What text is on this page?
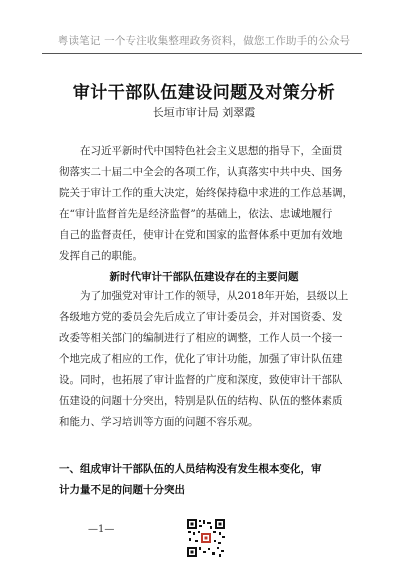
粤读笔记 一个专注收集整理政务资料，做您工作助手的公众号
审计干部队伍建设问题及对策分析
长垣市审计局 刘翠霞
在习近平新时代中国特色社会主义思想的指导下，全面贯
彻落实二十届二中全会的各项工作，认真落实中共中央、国务
院关于审计工作的重大决定，始终保持稳中求进的工作总基调，
在“审计监督首先是经济监督”的基础上，依法、忠诚地履行
自己的监督责任，使审计在党和国家的监督体系中更加有效地
发挥自己的职能。
新时代审计干部队伍建设存在的主要问题
为了加强党对审计工作的领导，从2018年开始，县级以上
各级地方党的委员会先后成立了审计委员会，并对国资委、发
改委等相关部门的编制进行了相应的调整，工作人员一个接一
个地完成了相应的工作，优化了审计功能，加强了审计队伍建
设。同时，也拓展了审计监督的广度和深度，致使审计干部队
伍建设的问题十分突出，特别是队伍的结构、队伍的整体素质
和能力、学习培训等方面的问题不容乐观。
一、组成审计干部队伍的人员结构没有发生根本变化，审
计力量不足的问题十分突出
—1—
